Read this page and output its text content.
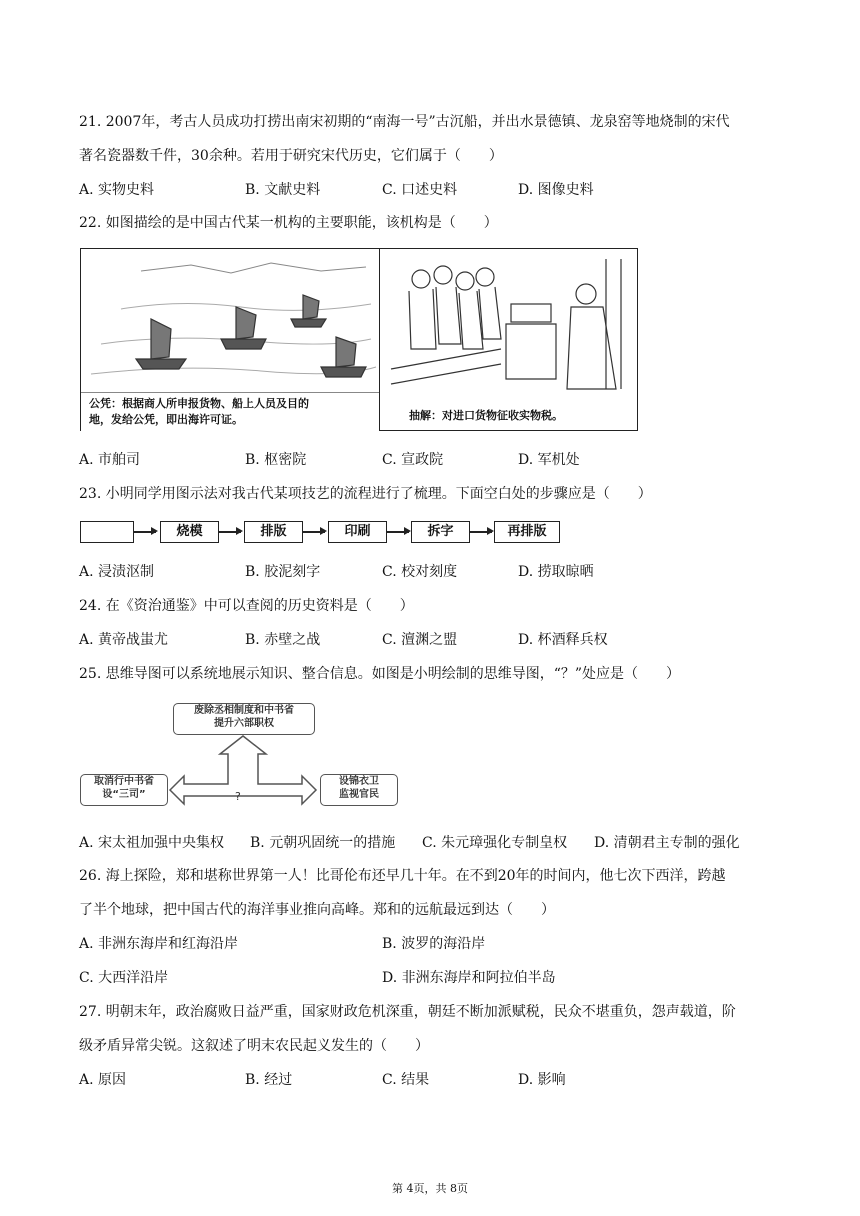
21. 2007年，考古人员成功打捞出南宋初期的“南海一号”古沉船，并出水景德镇、龙泉窑等地烧制的宋代
著名瓷器数千件，30余种。若用于研究宋代历史，它们属于（　　）
A. 实物史料	B. 文献史料	C. 口述史料	D. 图像史料
22. 如图描绘的是中国古代某一机构的主要职能，该机构是（　　）
公凭：根据商人所申报货物、船上人员及目的
地，发给公凭，即出海许可证。	抽解：对进口货物征收实物税。
A. 市舶司	B. 枢密院	C. 宣政院	D. 军机处
23. 小明同学用图示法对我古代某项技艺的流程进行了梳理。下面空白处的步骤应是（　　）
烧模	排版	印刷	拆字	再排版
A. 浸渍沤制	B. 胶泥刻字	C. 校对刻度	D. 捞取晾晒
24. 在《资治通鉴》中可以查阅的历史资料是（　　）
A. 黄帝战蚩尤	B. 赤壁之战	C. 澶渊之盟	D. 杯酒释兵权
25. 思维导图可以系统地展示知识、整合信息。如图是小明绘制的思维导图，“？”处应是（　　）
废除丞相制度和中书省
提升六部职权
取消行中书省
设“三司”
设锦衣卫
监视官民
?
A. 宋太祖加强中央集权 B. 元朝巩固统一的措施 C. 朱元璋强化专制皇权 D. 清朝君主专制的强化
26. 海上探险，郑和堪称世界第一人！比哥伦布还早几十年。在不到20年的时间内，他七次下西洋，跨越
了半个地球，把中国古代的海洋事业推向高峰。郑和的远航最远到达（　　）
A. 非洲东海岸和红海沿岸	B. 波罗的海沿岸
C. 大西洋沿岸	D. 非洲东海岸和阿拉伯半岛
27. 明朝末年，政治腐败日益严重，国家财政危机深重，朝廷不断加派赋税，民众不堪重负，怨声载道，阶
级矛盾异常尖锐。这叙述了明末农民起义发生的（　　）
A. 原因	B. 经过	C. 结果	D. 影响
第 4页，共 8页
